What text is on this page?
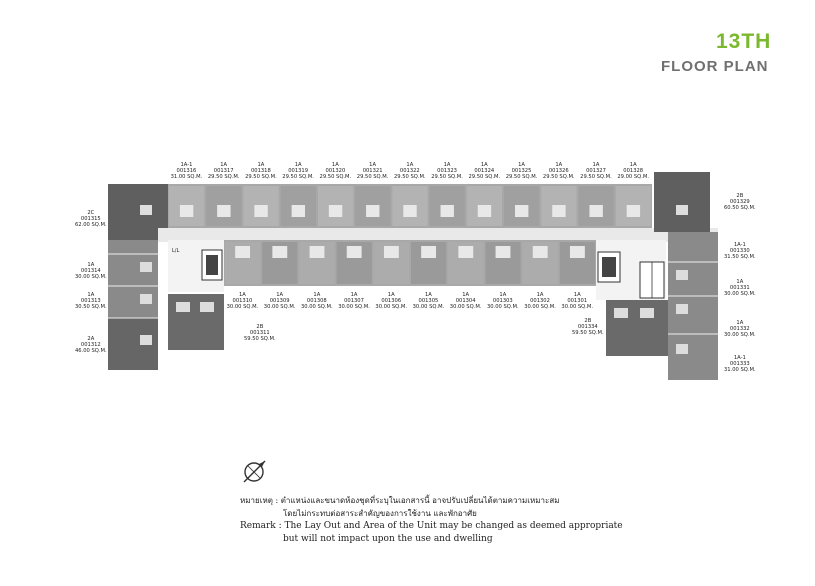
13TH
FLOOR PLAN
L/L
1A-1
001316
31.00 SQ.M.
1A
001317
29.50 SQ.M.
1A
001318
29.50 SQ.M.
1A
001319
29.50 SQ.M.
1A
001320
29.50 SQ.M.
1A
001321
29.50 SQ.M.
1A
001322
29.50 SQ.M.
1A
001323
29.50 SQ.M.
1A
001324
29.50 SQ.M.
1A
001325
29.50 SQ.M.
1A
001326
29.50 SQ.M.
1A
001327
29.50 SQ.M.
1A
001328
29.00 SQ.M.
1A
001310
30.00 SQ.M.
1A
001309
30.00 SQ.M.
1A
001308
30.00 SQ.M.
1A
001307
30.00 SQ.M.
1A
001306
30.00 SQ.M.
1A
001305
30.00 SQ.M.
1A
001304
30.00 SQ.M.
1A
001303
30.00 SQ.M.
1A
001302
30.00 SQ.M.
1A
001301
30.00 SQ.M.
2C
001315
62.00 SQ.M.
1A
001314
30.00 SQ.M.
1A
001313
30.50 SQ.M.
2A
001312
46.00 SQ.M.
2B
001329
60.50 SQ.M.
1A-1
001330
31.50 SQ.M.
1A
001331
30.00 SQ.M.
1A
001332
30.00 SQ.M.
1A-1
001333
31.00 SQ.M.
2B
001311
59.50 SQ.M.
2B
001334
59.50 SQ.M.
หมายเหตุ : ตำแหน่งและขนาดห้องชุดที่ระบุในเอกสารนี้ อาจปรับเปลี่ยนได้ตามความเหมาะสม
โดยไม่กระทบต่อสาระสำคัญของการใช้งาน และพักอาศัย
Remark : The Lay Out and Area of the Unit may be changed as deemed appropriate
but will not impact upon the use and dwelling
